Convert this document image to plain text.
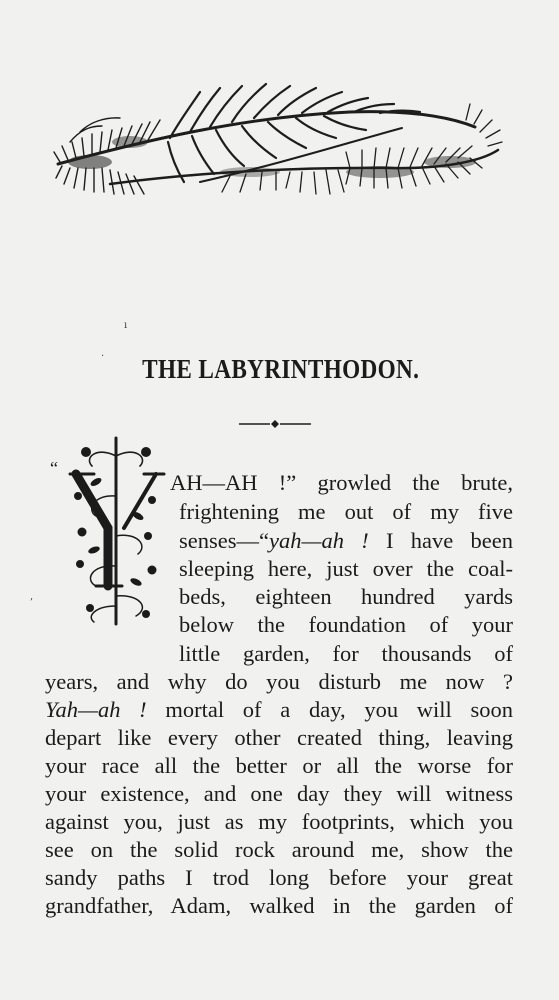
ı
·	THE LABYRINTHODON.
“
AH—AH !” growled the brute,
frightening me out of my five
senses—“yah—ah ! I have been
sleeping here, just over the coal-
beds, eighteen hundred yards
below the foundation of your
little garden, for thousands of
years, and why do you disturb me now ?
Yah—ah ! mortal of a day, you will soon
depart like every other created thing, leaving
your race all the better or all the worse for
your existence, and one day they will witness
against you, just as my footprints, which you
see on the solid rock around me, show the
sandy paths I trod long before your great
grandfather, Adam, walked in the garden of
,
